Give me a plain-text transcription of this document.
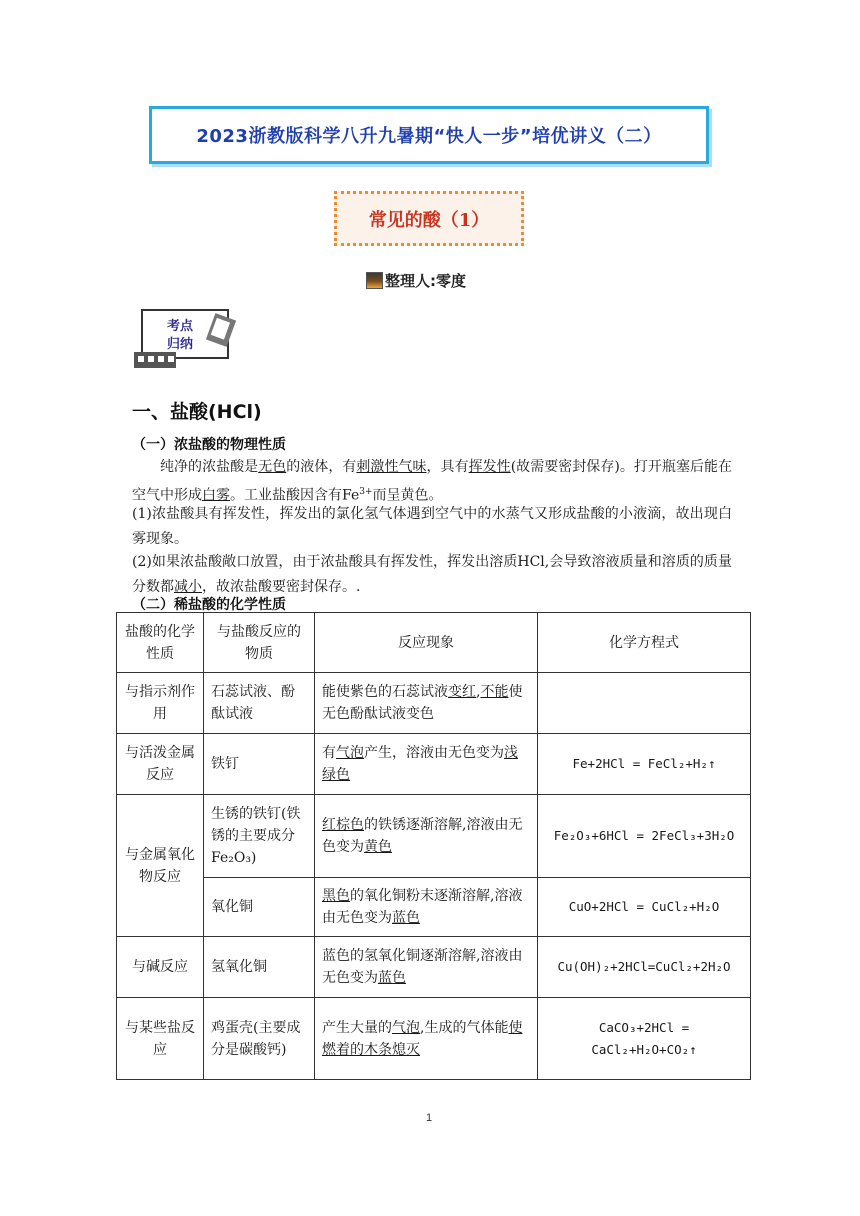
2023浙教版科学八升九暑期“快人一步”培优讲义（二）
常见的酸（1）
整理人:零度
考点
归纳
一、盐酸(HCl)
（一）浓盐酸的物理性质
纯净的浓盐酸是无色的液体，有刺激性气味，具有挥发性(故需要密封保存)。打开瓶塞后能在空气中形成白雾。工业盐酸因含有$Fe^{3+}$而呈黄色。
(1)浓盐酸具有挥发性，挥发出的氯化氢气体遇到空气中的水蒸气又形成盐酸的小液滴，故出现白雾现象。
(2)如果浓盐酸敞口放置，由于浓盐酸具有挥发性，挥发出溶质HCl,会导致溶液质量和溶质的质量分数都减小，故浓盐酸要密封保存。.
（二）稀盐酸的化学性质
盐酸的化学性质	与盐酸反应的物质	反应现象	化学方程式
与指示剂作用	石蕊试液、酚酞试液	能使紫色的石蕊试液变红,不能使无色酚酞试液变色	
与活泼金属反应	铁钉	有气泡产生，溶液由无色变为浅绿色	Fe+2HCl = FeCl₂+H₂↑
与金属氧化物反应	生锈的铁钉(铁锈的主要成分Fe₂O₃)	红棕色的铁锈逐渐溶解,溶液由无色变为黄色	Fe₂O₃+6HCl = 2FeCl₃+3H₂O
	氧化铜	黑色的氧化铜粉末逐渐溶解,溶液由无色变为蓝色	CuO+2HCl = CuCl₂+H₂O
与碱反应	氢氧化铜	蓝色的氢氧化铜逐渐溶解,溶液由无色变为蓝色	Cu(OH)₂+2HCl=CuCl₂+2H₂O
与某些盐反应	鸡蛋壳(主要成分是碳酸钙)	产生大量的气泡,生成的气体能使燃着的木条熄灭	CaCO₃+2HCl = CaCl₂+H₂O+CO₂↑
1
